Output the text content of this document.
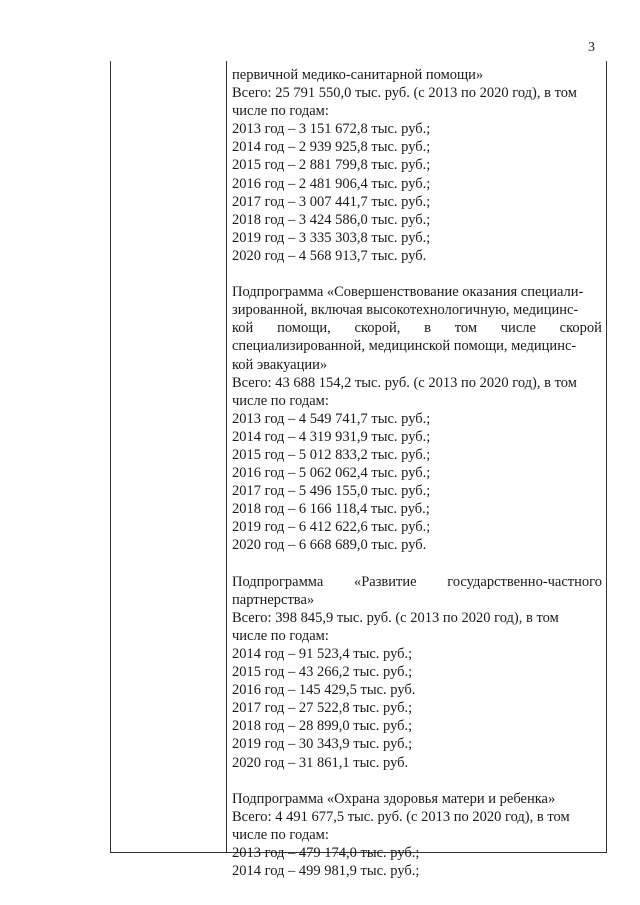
3
первичной медико-санитарной помощи»
Всего: 25 791 550,0 тыс. руб. (с 2013 по 2020 год), в том
числе по годам:
2013 год – 3 151 672,8 тыс. руб.;
2014 год – 2 939 925,8 тыс. руб.;
2015 год – 2 881 799,8 тыс. руб.;
2016 год – 2 481 906,4 тыс. руб.;
2017 год – 3 007 441,7 тыс. руб.;
2018 год – 3 424 586,0 тыс. руб.;
2019 год – 3 335 303,8 тыс. руб.;
2020 год – 4 568 913,7 тыс. руб.
Подпрограмма «Совершенствование оказания специали-
зированной, включая высокотехнологичную, медицинс-
кой помощи, скорой, в том числе скорой
специализированной, медицинской помощи, медицинс-
кой эвакуации»
Всего: 43 688 154,2 тыс. руб. (с 2013 по 2020 год), в том
числе по годам:
2013 год – 4 549 741,7 тыс. руб.;
2014 год – 4 319 931,9 тыс. руб.;
2015 год – 5 012 833,2 тыс. руб.;
2016 год – 5 062 062,4 тыс. руб.;
2017 год – 5 496 155,0 тыс. руб.;
2018 год – 6 166 118,4 тыс. руб.;
2019 год – 6 412 622,6 тыс. руб.;
2020 год – 6 668 689,0 тыс. руб.
Подпрограмма «Развитие государственно-частного
партнерства»
Всего: 398 845,9 тыс. руб. (с 2013 по 2020 год), в том
числе по годам:
2014 год – 91 523,4 тыс. руб.;
2015 год – 43 266,2 тыс. руб.;
2016 год – 145 429,5 тыс. руб.
2017 год – 27 522,8 тыс. руб.;
2018 год – 28 899,0 тыс. руб.;
2019 год – 30 343,9 тыс. руб.;
2020 год – 31 861,1 тыс. руб.
Подпрограмма «Охрана здоровья матери и ребенка»
Всего: 4 491 677,5 тыс. руб. (с 2013 по 2020 год), в том
числе по годам:
2013 год – 479 174,0 тыс. руб.;
2014 год – 499 981,9 тыс. руб.;
